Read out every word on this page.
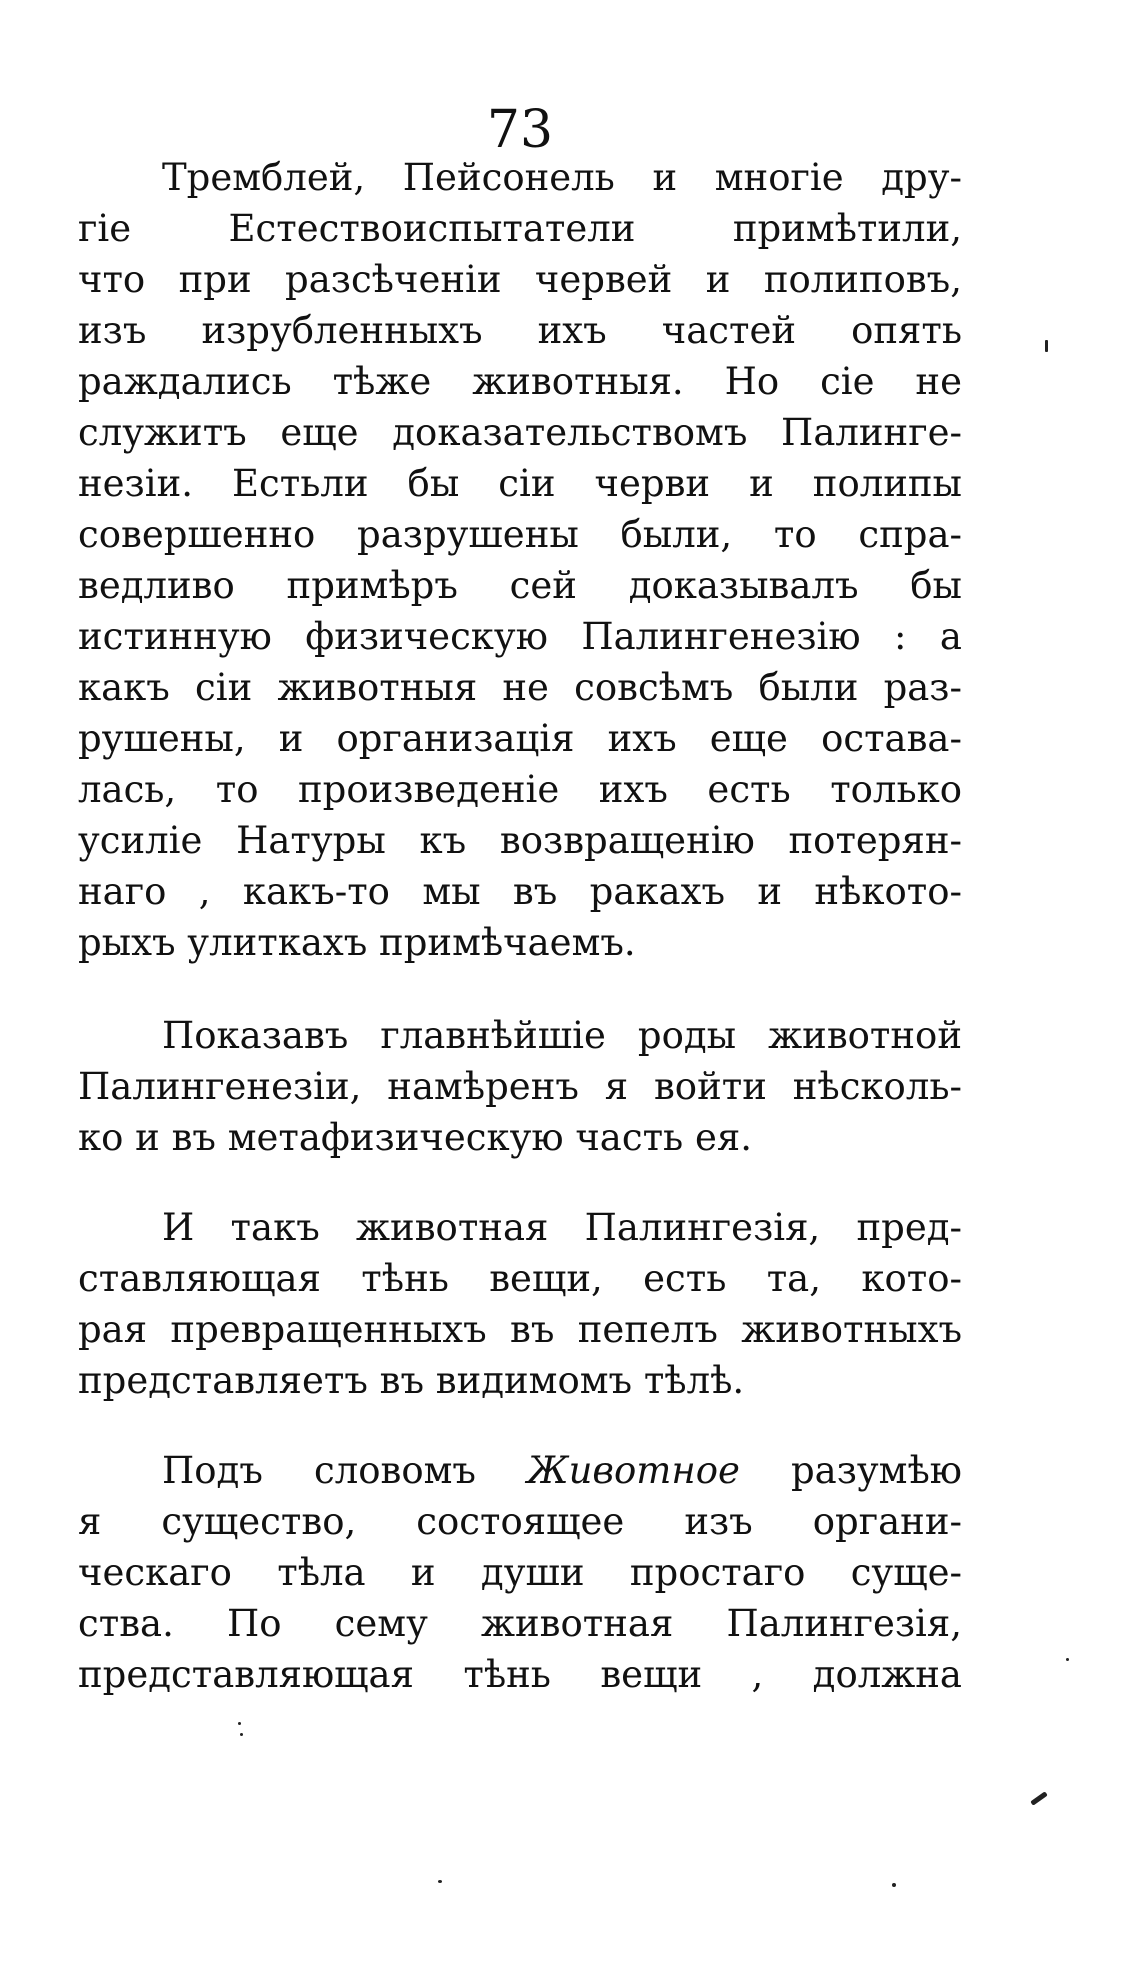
73
Тремблей, Пейсонель и многіе дру-
гіе Естествоиспытатели примѣтили,
что при разсѣченіи червей и полиповъ,
изъ изрубленныхъ ихъ частей опять
раждались тѣже животныя. Но сіе не
служитъ еще доказательствомъ Палинге-
незіи. Естьли бы сіи черви и полипы
совершенно разрушены были, то спра-
ведливо примѣръ сей доказывалъ бы
истинную физическую Палингенезію : а
какъ сіи животныя не совсѣмъ были раз-
рушены, и организація ихъ еще остава-
лась, то произведеніе ихъ есть только
усиліе Натуры къ возвращенію потерян-
наго , какъ-то мы въ ракахъ и нѣкото-
рыхъ улиткахъ примѣчаемъ.
Показавъ главнѣйшіе роды животной
Палингенезіи, намѣренъ я войти нѣсколь-
ко и въ метафизическую часть ея.
И такъ животная Палингезія, пред-
ставляющая тѣнь вещи, есть та, кото-
рая превращенныхъ въ пепелъ животныхъ
представляетъ въ видимомъ тѣлѣ.
Подъ словомъ Животное разумѣю
я существо, состоящее изъ органи-
ческаго тѣла и души простаго суще-
ства. По сему животная Палингезія,
представляющая тѣнь вещи , должна
